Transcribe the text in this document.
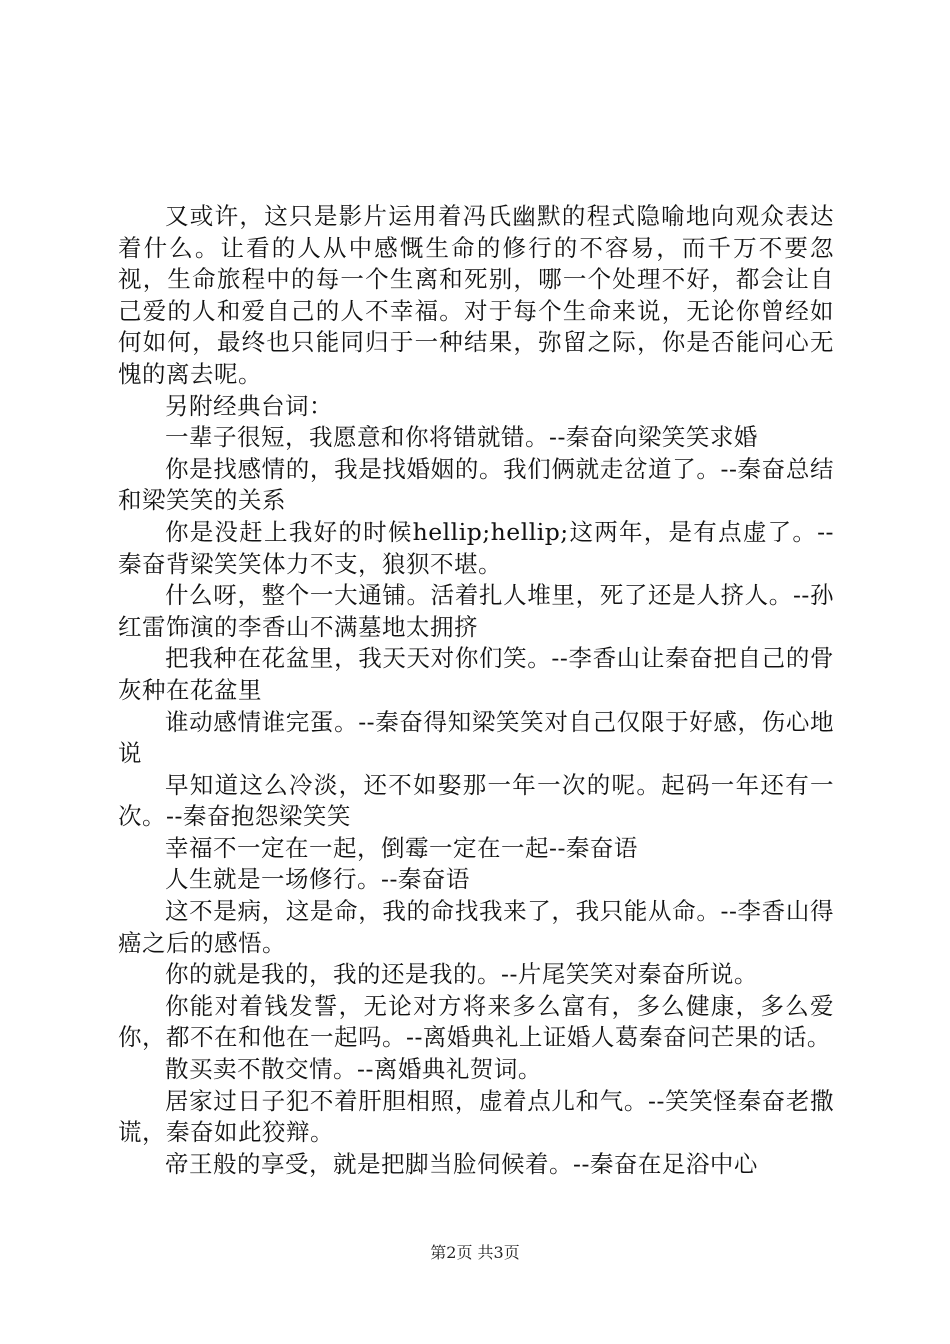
又或许，这只是影片运用着冯氏幽默的程式隐喻地向观众表达着什么。让看的人从中感慨生命的修行的不容易，而千万不要忽视，生命旅程中的每一个生离和死别，哪一个处理不好，都会让自己爱的人和爱自己的人不幸福。对于每个生命来说，无论你曾经如何如何，最终也只能同归于一种结果，弥留之际，你是否能问心无愧的离去呢。

另附经典台词：

一辈子很短，我愿意和你将错就错。--秦奋向梁笑笑求婚

你是找感情的，我是找婚姻的。我们俩就走岔道了。--秦奋总结和梁笑笑的关系

你是没赶上我好的时候hellip;hellip;这两年，是有点虚了。--秦奋背梁笑笑体力不支，狼狈不堪。

什么呀，整个一大通铺。活着扎人堆里，死了还是人挤人。--孙红雷饰演的李香山不满墓地太拥挤

把我种在花盆里，我天天对你们笑。--李香山让秦奋把自己的骨灰种在花盆里

谁动感情谁完蛋。--秦奋得知梁笑笑对自己仅限于好感，伤心地说

早知道这么冷淡，还不如娶那一年一次的呢。起码一年还有一次。--秦奋抱怨梁笑笑

幸福不一定在一起，倒霉一定在一起--秦奋语

人生就是一场修行。--秦奋语

这不是病，这是命，我的命找我来了，我只能从命。--李香山得癌之后的感悟。

你的就是我的，我的还是我的。--片尾笑笑对秦奋所说。

你能对着钱发誓，无论对方将来多么富有，多么健康，多么爱你，都不在和他在一起吗。--离婚典礼上证婚人葛秦奋问芒果的话。

散买卖不散交情。--离婚典礼贺词。

居家过日子犯不着肝胆相照，虚着点儿和气。--笑笑怪秦奋老撒谎，秦奋如此狡辩。

帝王般的享受，就是把脚当脸伺候着。--秦奋在足浴中心

第2页 共3页
